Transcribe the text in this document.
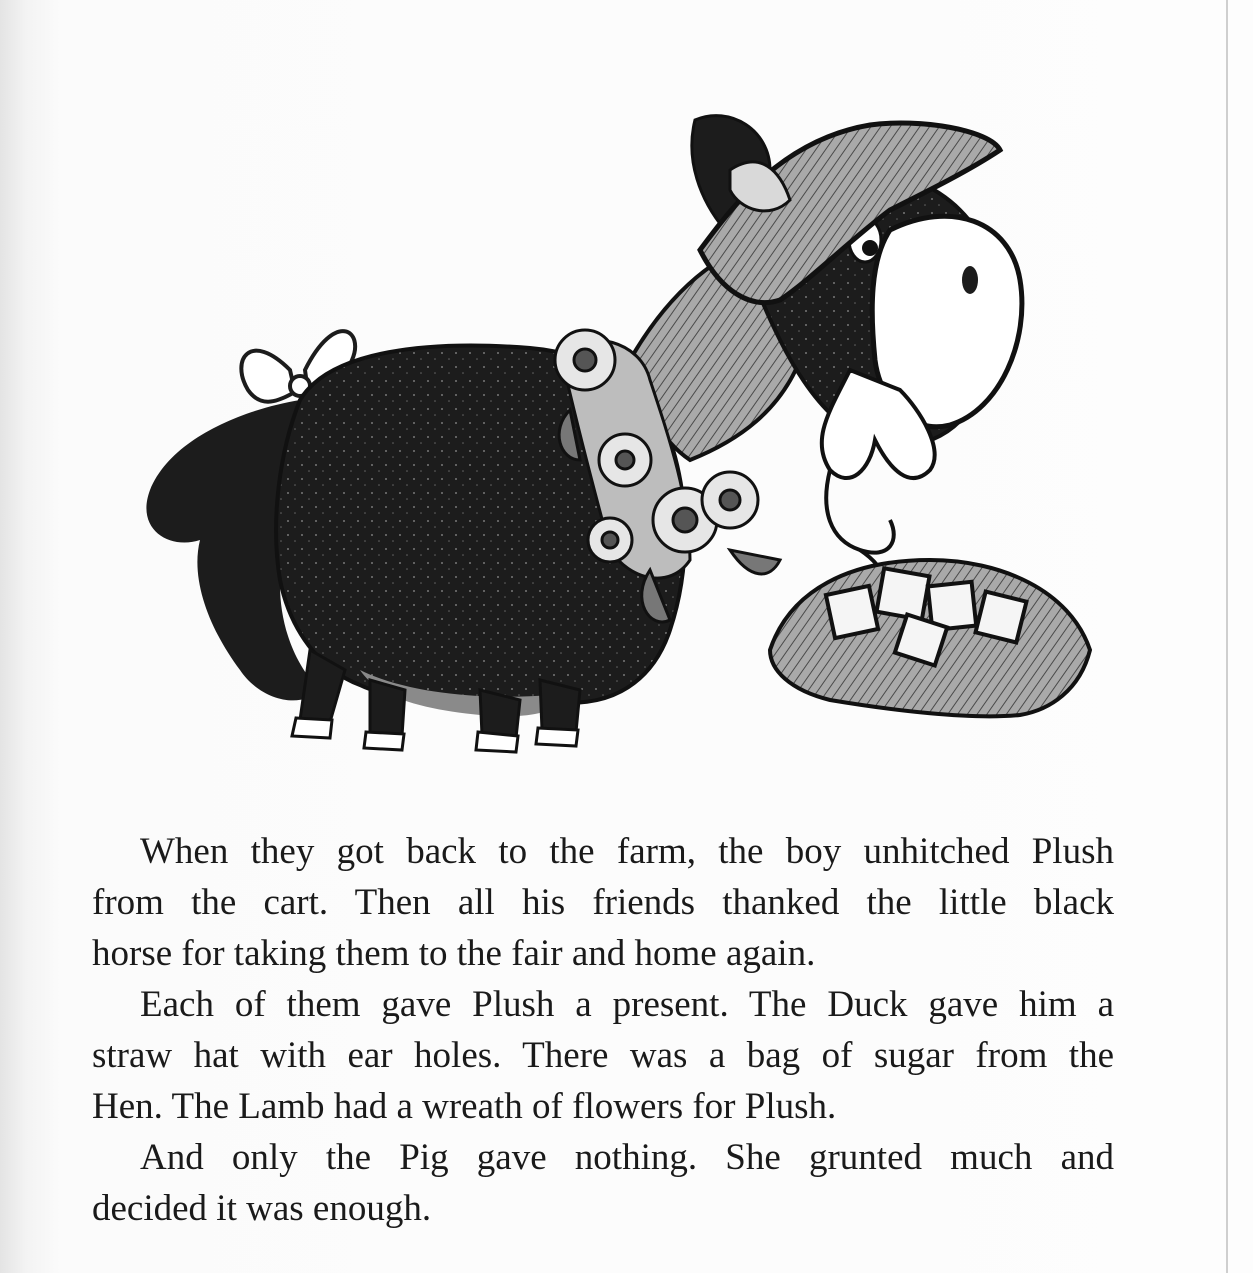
When they got back to the farm, the boy unhitched Plush
from the cart. Then all his friends thanked the little black
horse for taking them to the fair and home again.

Each of them gave Plush a present. The Duck gave him a
straw hat with ear holes. There was a bag of sugar from the
Hen. The Lamb had a wreath of flowers for Plush.

And only the Pig gave nothing. She grunted much and
decided it was enough.
